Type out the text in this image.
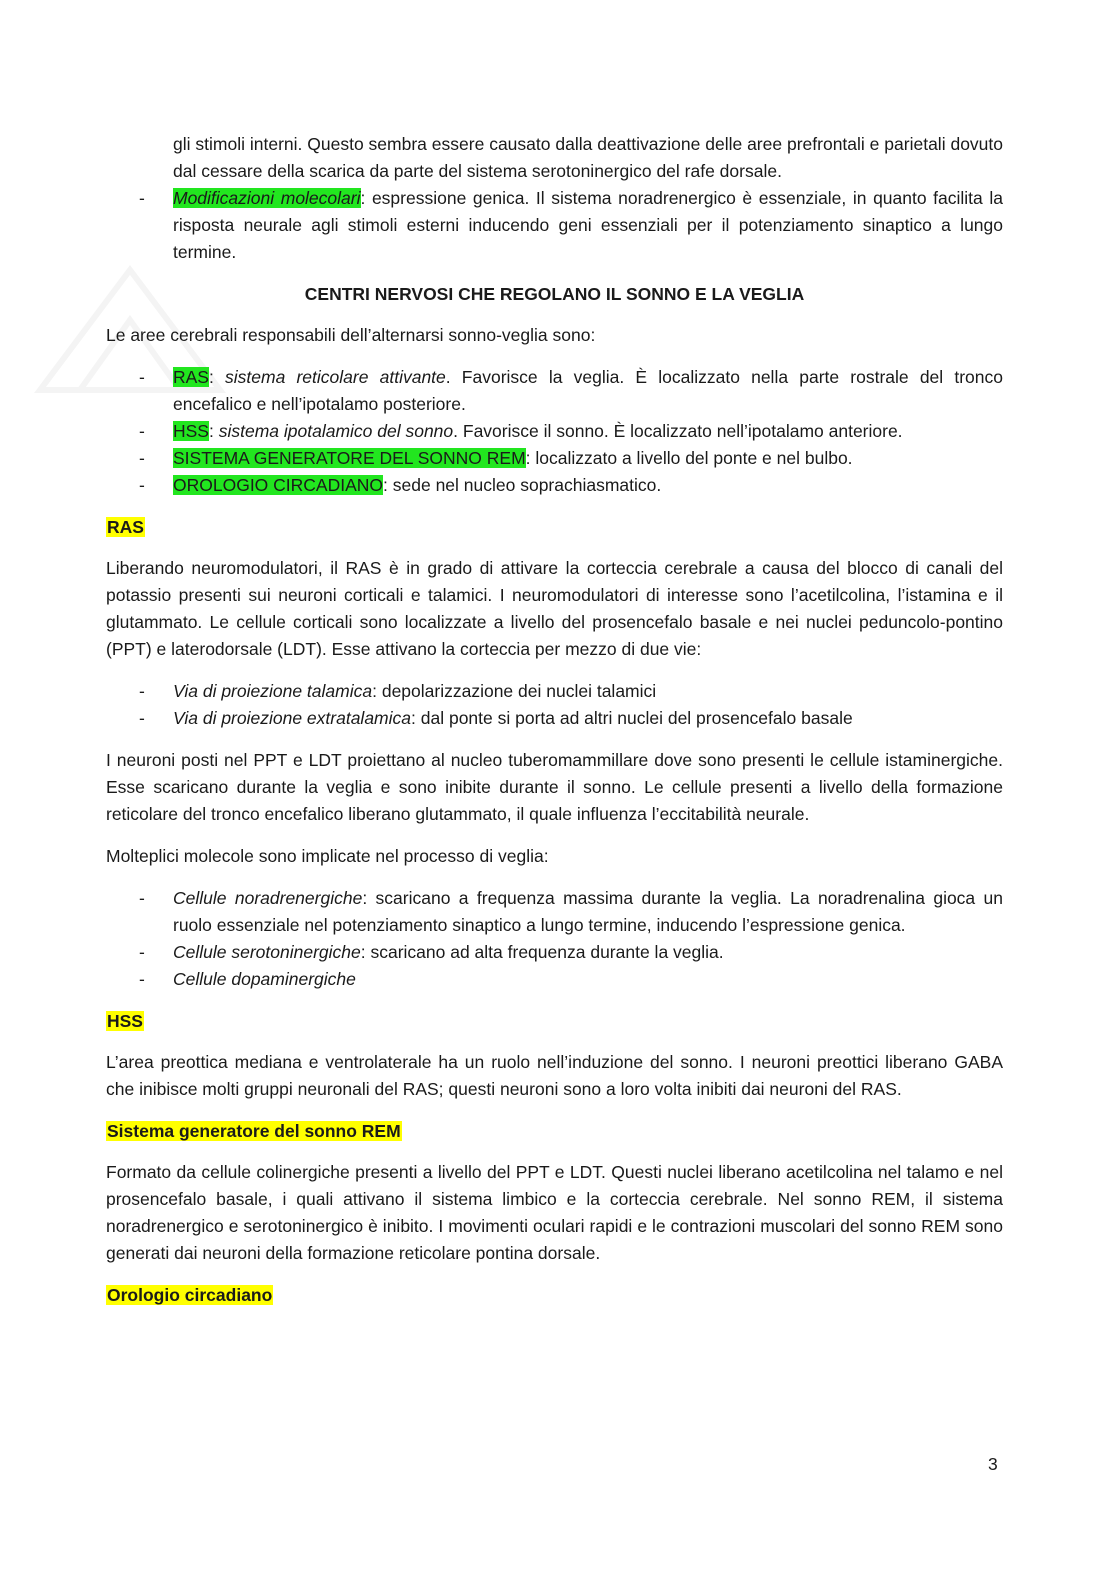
gli stimoli interni. Questo sembra essere causato dalla deattivazione delle aree prefrontali e parietali dovuto dal cessare della scarica da parte del sistema serotoninergico del rafe dorsale.

- Modificazioni molecolari: espressione genica. Il sistema noradrenergico è essenziale, in quanto facilita la risposta neurale agli stimoli esterni inducendo geni essenziali per il potenziamento sinaptico a lungo termine.

CENTRI NERVOSI CHE REGOLANO IL SONNO E LA VEGLIA

Le aree cerebrali responsabili dell’alternarsi sonno-veglia sono:

- RAS: sistema reticolare attivante. Favorisce la veglia. È localizzato nella parte rostrale del tronco encefalico e nell’ipotalamo posteriore.
- HSS: sistema ipotalamico del sonno. Favorisce il sonno. È localizzato nell’ipotalamo anteriore.
- SISTEMA GENERATORE DEL SONNO REM: localizzato a livello del ponte e nel bulbo.
- OROLOGIO CIRCADIANO: sede nel nucleo soprachiasmatico.

RAS

Liberando neuromodulatori, il RAS è in grado di attivare la corteccia cerebrale a causa del blocco di canali del potassio presenti sui neuroni corticali e talamici. I neuromodulatori di interesse sono l’acetilcolina, l’istamina e il glutammato. Le cellule corticali sono localizzate a livello del prosencefalo basale e nei nuclei peduncolo-pontino (PPT) e laterodorsale (LDT). Esse attivano la corteccia per mezzo di due vie:

- Via di proiezione talamica: depolarizzazione dei nuclei talamici
- Via di proiezione extratalamica: dal ponte si porta ad altri nuclei del prosencefalo basale

I neuroni posti nel PPT e LDT proiettano al nucleo tuberomammillare dove sono presenti le cellule istaminergiche. Esse scaricano durante la veglia e sono inibite durante il sonno. Le cellule presenti a livello della formazione reticolare del tronco encefalico liberano glutammato, il quale influenza l’eccitabilità neurale.

Molteplici molecole sono implicate nel processo di veglia:

- Cellule noradrenergiche: scaricano a frequenza massima durante la veglia. La noradrenalina gioca un ruolo essenziale nel potenziamento sinaptico a lungo termine, inducendo l’espressione genica.
- Cellule serotoninergiche: scaricano ad alta frequenza durante la veglia.
- Cellule dopaminergiche

HSS

L’area preottica mediana e ventrolaterale ha un ruolo nell’induzione del sonno. I neuroni preottici liberano GABA che inibisce molti gruppi neuronali del RAS; questi neuroni sono a loro volta inibiti dai neuroni del RAS.

Sistema generatore del sonno REM

Formato da cellule colinergiche presenti a livello del PPT e LDT. Questi nuclei liberano acetilcolina nel talamo e nel prosencefalo basale, i quali attivano il sistema limbico e la corteccia cerebrale. Nel sonno REM, il sistema noradrenergico e serotoninergico è inibito. I movimenti oculari rapidi e le contrazioni muscolari del sonno REM sono generati dai neuroni della formazione reticolare pontina dorsale.

Orologio circadiano

3
